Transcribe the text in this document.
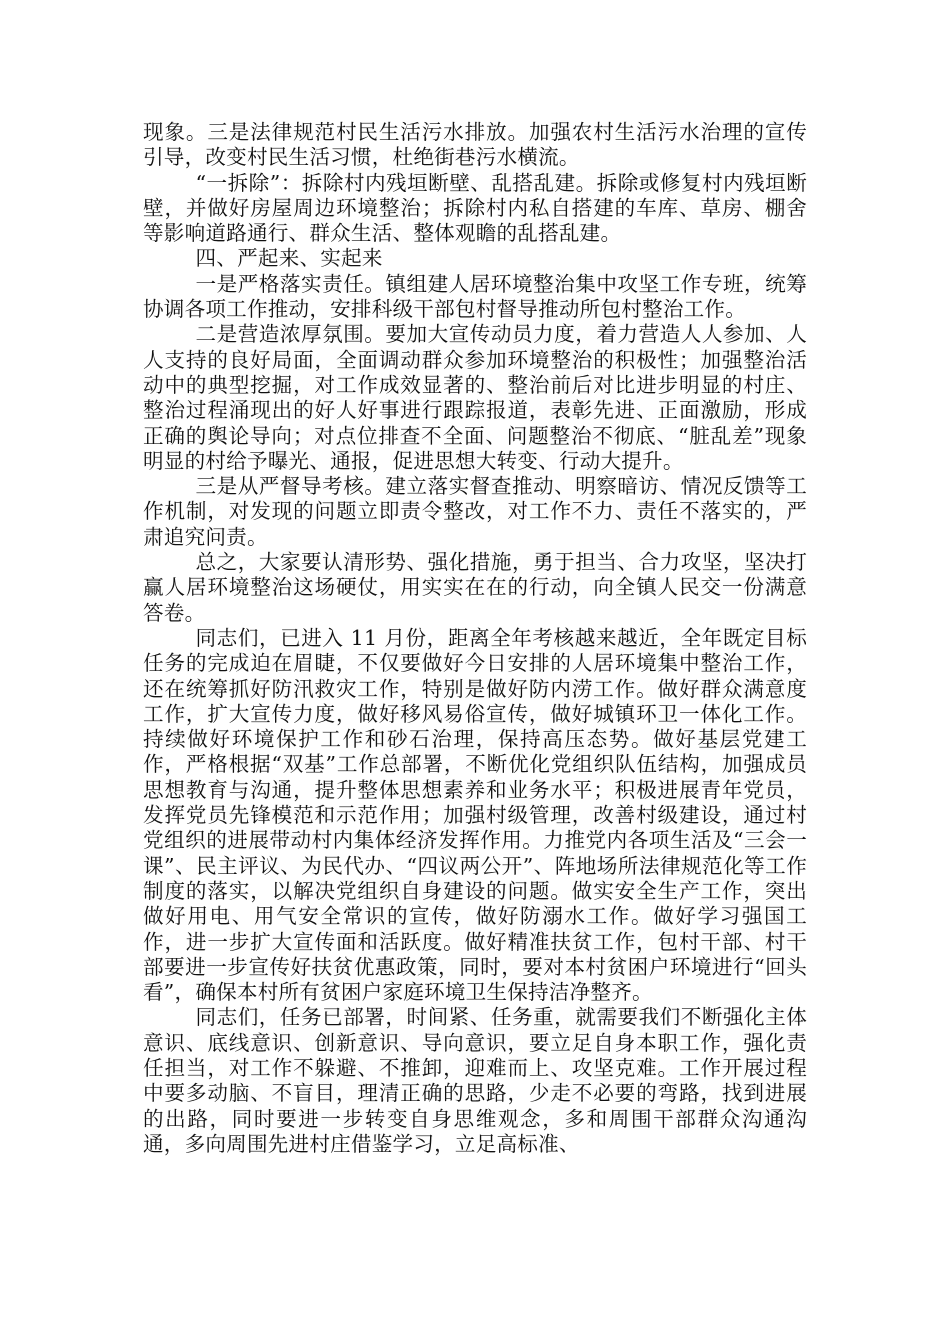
现象。三是法律规范村民生活污水排放。加强农村生活污水治理的宣传引导，改变村民生活习惯，杜绝街巷污水横流。

“一拆除”：拆除村内残垣断壁、乱搭乱建。拆除或修复村内残垣断壁，并做好房屋周边环境整治；拆除村内私自搭建的车库、草房、棚舍等影响道路通行、群众生活、整体观瞻的乱搭乱建。

四、严起来、实起来

一是严格落实责任。镇组建人居环境整治集中攻坚工作专班，统筹协调各项工作推动，安排科级干部包村督导推动所包村整治工作。

二是营造浓厚氛围。要加大宣传动员力度，着力营造人人参加、人人支持的良好局面，全面调动群众参加环境整治的积极性；加强整治活动中的典型挖掘，对工作成效显著的、整治前后对比进步明显的村庄、整治过程涌现出的好人好事进行跟踪报道，表彰先进、正面激励，形成正确的舆论导向；对点位排查不全面、问题整治不彻底、“脏乱差”现象明显的村给予曝光、通报，促进思想大转变、行动大提升。

三是从严督导考核。建立落实督查推动、明察暗访、情况反馈等工作机制，对发现的问题立即责令整改，对工作不力、责任不落实的，严肃追究问责。

总之，大家要认清形势、强化措施，勇于担当、合力攻坚，坚决打赢人居环境整治这场硬仗，用实实在在的行动，向全镇人民交一份满意答卷。

同志们，已进入 11 月份，距离全年考核越来越近，全年既定目标任务的完成迫在眉睫，不仅要做好今日安排的人居环境集中整治工作，还在统筹抓好防汛救灾工作，特别是做好防内涝工作。做好群众满意度工作，扩大宣传力度，做好移风易俗宣传，做好城镇环卫一体化工作。持续做好环境保护工作和砂石治理，保持高压态势。做好基层党建工作，严格根据“双基”工作总部署，不断优化党组织队伍结构，加强成员思想教育与沟通，提升整体思想素养和业务水平；积极进展青年党员，发挥党员先锋模范和示范作用；加强村级管理，改善村级建设，通过村党组织的进展带动村内集体经济发挥作用。力推党内各项生活及“三会一课”、民主评议、为民代办、“四议两公开”、阵地场所法律规范化等工作制度的落实，以解决党组织自身建设的问题。做实安全生产工作，突出做好用电、用气安全常识的宣传，做好防溺水工作。做好学习强国工作，进一步扩大宣传面和活跃度。做好精准扶贫工作，包村干部、村干部要进一步宣传好扶贫优惠政策，同时，要对本村贫困户环境进行“回头看”，确保本村所有贫困户家庭环境卫生保持洁净整齐。

同志们，任务已部署，时间紧、任务重，就需要我们不断强化主体意识、底线意识、创新意识、导向意识，要立足自身本职工作，强化责任担当，对工作不躲避、不推卸，迎难而上、攻坚克难。工作开展过程中要多动脑、不盲目，理清正确的思路，少走不必要的弯路，找到进展的出路，同时要进一步转变自身思维观念，多和周围干部群众沟通沟通，多向周围先进村庄借鉴学习，立足高标准、
